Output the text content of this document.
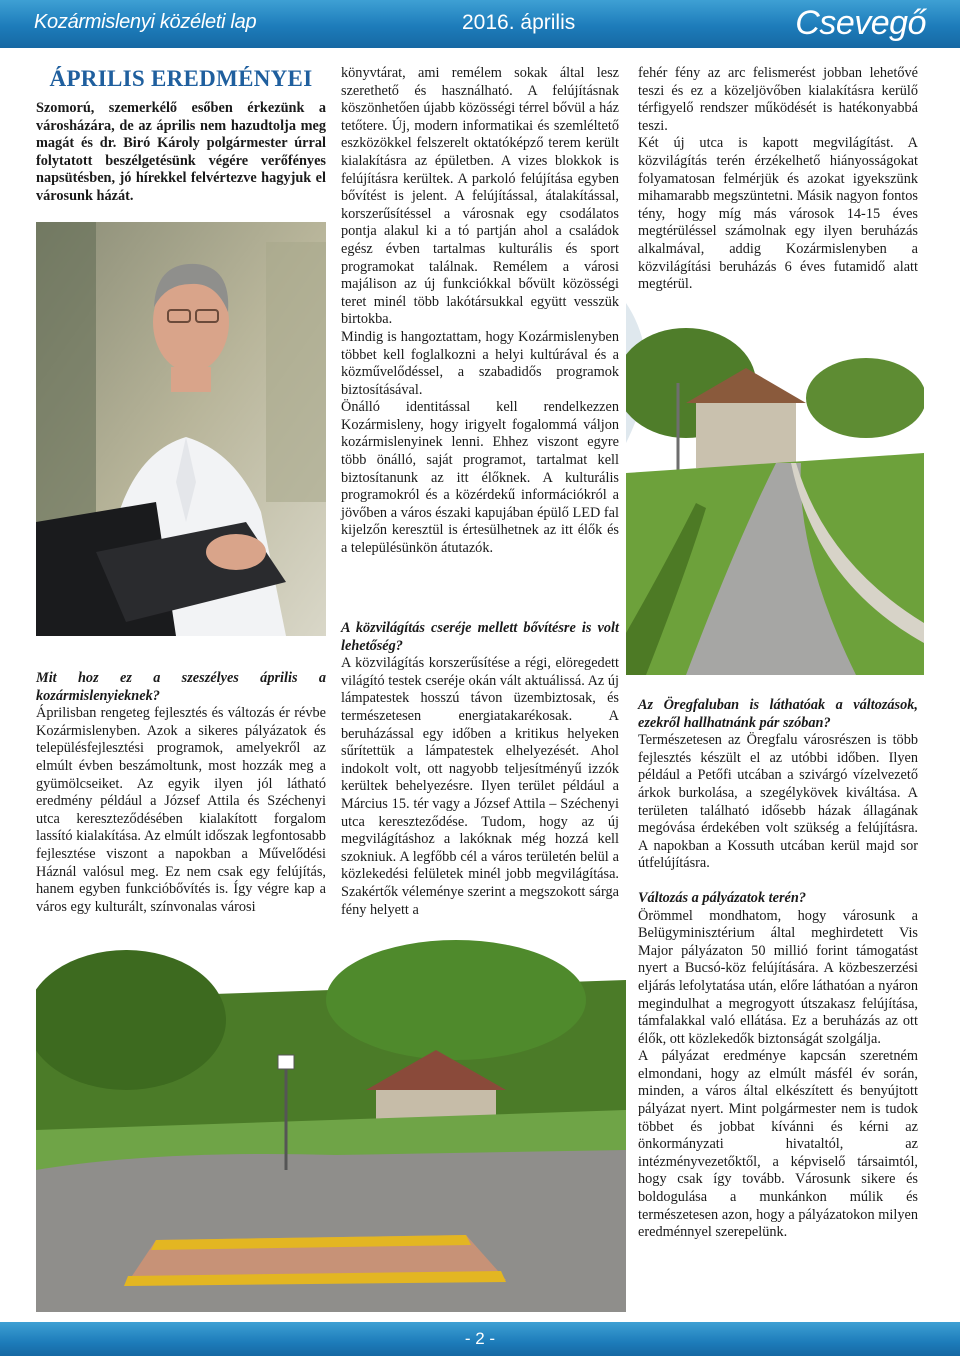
Kozármislenyi közéleti lap	2016. április	Csevegő
ÁPRILIS EREDMÉNYEI

Szomorú, szemerkélő esőben érkezünk a városházára, de az április nem hazudtolja meg magát és dr. Biró Károly polgármester úrral folytatott beszélgetésünk végére verőfényes napsütésben, jó hírekkel felvértezve hagyjuk el városunk házát.

Mit hoz ez a szeszélyes április a kozármislenyieknek?

Áprilisban rengeteg fejlesztés és változás ér révbe Kozármislenyben. Azok a sikeres pályázatok és településfejlesztési programok, amelyekről az elmúlt évben beszámoltunk, most hozzák meg a gyümölcseiket. Az egyik ilyen jól látható eredmény például a József Attila és Széchenyi utca kereszteződésében kialakított forgalom lassító kialakítása. Az elmúlt időszak legfontosabb fejlesztése viszont a napokban a Művelődési Háznál valósul meg. Ez nem csak egy felújítás, hanem egyben funkcióbővítés is. Így végre kap a város egy kulturált, színvonalas városi

könyvtárat, ami remélem sokak által lesz szerethető és használható. A felújításnak köszönhetően újabb közösségi térrel bővül a ház tetőtere. Új, modern informatikai és szemléltető eszközökkel felszerelt oktatóképző terem került kialakításra az épületben. A vizes blokkok is felújításra kerültek. A parkoló felújítása egyben bővítést is jelent. A felújítással, átalakítással, korszerűsítéssel a városnak egy csodálatos pontja alakul ki a tó partján ahol a családok egész évben tartalmas kulturális és sport programokat találnak. Remélem a városi majálison az új funkciókkal bővült közösségi teret minél több lakótársukkal együtt vesszük birtokba.

Mindig is hangoztattam, hogy Kozármislenyben többet kell foglalkozni a helyi kultúrával és a közművelődéssel, a szabadidős programok biztosításával.

Önálló identitással kell rendelkezzen Kozármisleny, hogy irigyelt fogalommá váljon kozármislenyinek lenni. Ehhez viszont egyre több önálló, saját programot, tartalmat kell biztosítanunk az itt élőknek. A kulturális programokról és a közérdekű információkról a jövőben a város északi kapujában épülő LED fal kijelzőn keresztül is értesülhetnek az itt élők és a településünkön átutazók.

A közvilágítás cseréje mellett bővítésre is volt lehetőség?

A közvilágítás korszerűsítése a régi, elöregedett világító testek cseréje okán vált aktuálissá. Az új lámpatestek hosszú távon üzembiztosak, és természetesen energiatakarékosak. A beruházással egy időben a kritikus helyeken sűrítettük a lámpatestek elhelyezését. Ahol indokolt volt, ott nagyobb teljesítményű izzók kerültek behelyezésre. Ilyen terület például a Március 15. tér vagy a József Attila – Széchenyi utca kereszteződése. Tudom, hogy az új megvilágításhoz a lakóknak még hozzá kell szokniuk. A legfőbb cél a város területén belül a közlekedési felületek minél jobb megvilágítása. Szakértők véleménye szerint a megszokott sárga fény helyett a

fehér fény az arc felismerést jobban lehetővé teszi és ez a közeljövőben kialakításra kerülő térfigyelő rendszer működését is hatékonyabbá teszi.

Két új utca is kapott megvilágítást. A közvilágítás terén érzékelhető hiányosságokat folyamatosan felmérjük és azokat igyekszünk mihamarabb megszüntetni. Másik nagyon fontos tény, hogy míg más városok 14-15 éves megtérüléssel számolnak egy ilyen beruházás alkalmával, addig Kozármislenyben a közvilágítási beruházás 6 éves futamidő alatt megtérül.

Az Öregfaluban is láthatóak a változások, ezekről hallhatnánk pár szóban?

Természetesen az Öregfalu városrészen is több fejlesztés készült el az utóbbi időben. Ilyen például a Petőfi utcában a szivárgó vízelvezető árkok burkolása, a szegélykövek kiváltása. A területen található idősebb házak állagának megóvása érdekében volt szükség a felújításra. A napokban a Kossuth utcában kerül majd sor útfelújításra.

Változás a pályázatok terén?

Örömmel mondhatom, hogy városunk a Belügyminisztérium által meghirdetett Vis Major pályázaton 50 millió forint támogatást nyert a Bucsó-köz felújítására. A közbeszerzési eljárás lefolytatása után, előre láthatóan a nyáron megindulhat a megrogyott útszakasz felújítása, támfalakkal való ellátása. Ez a beruházás az ott élők, ott közlekedők biztonságát szolgálja.

A pályázat eredménye kapcsán szeretném elmondani, hogy az elmúlt másfél év során, minden, a város által elkészített és benyújtott pályázat nyert. Mint polgármester nem is tudok többet és jobbat kívánni és kérni az önkormányzati hivataltól, az intézményvezetőktől, a képviselő társaimtól, hogy csak így tovább. Városunk sikere és boldogulása a munkánkon múlik és természetesen azon, hogy a pályázatokon milyen eredménnyel szerepelünk.

- 2 -
